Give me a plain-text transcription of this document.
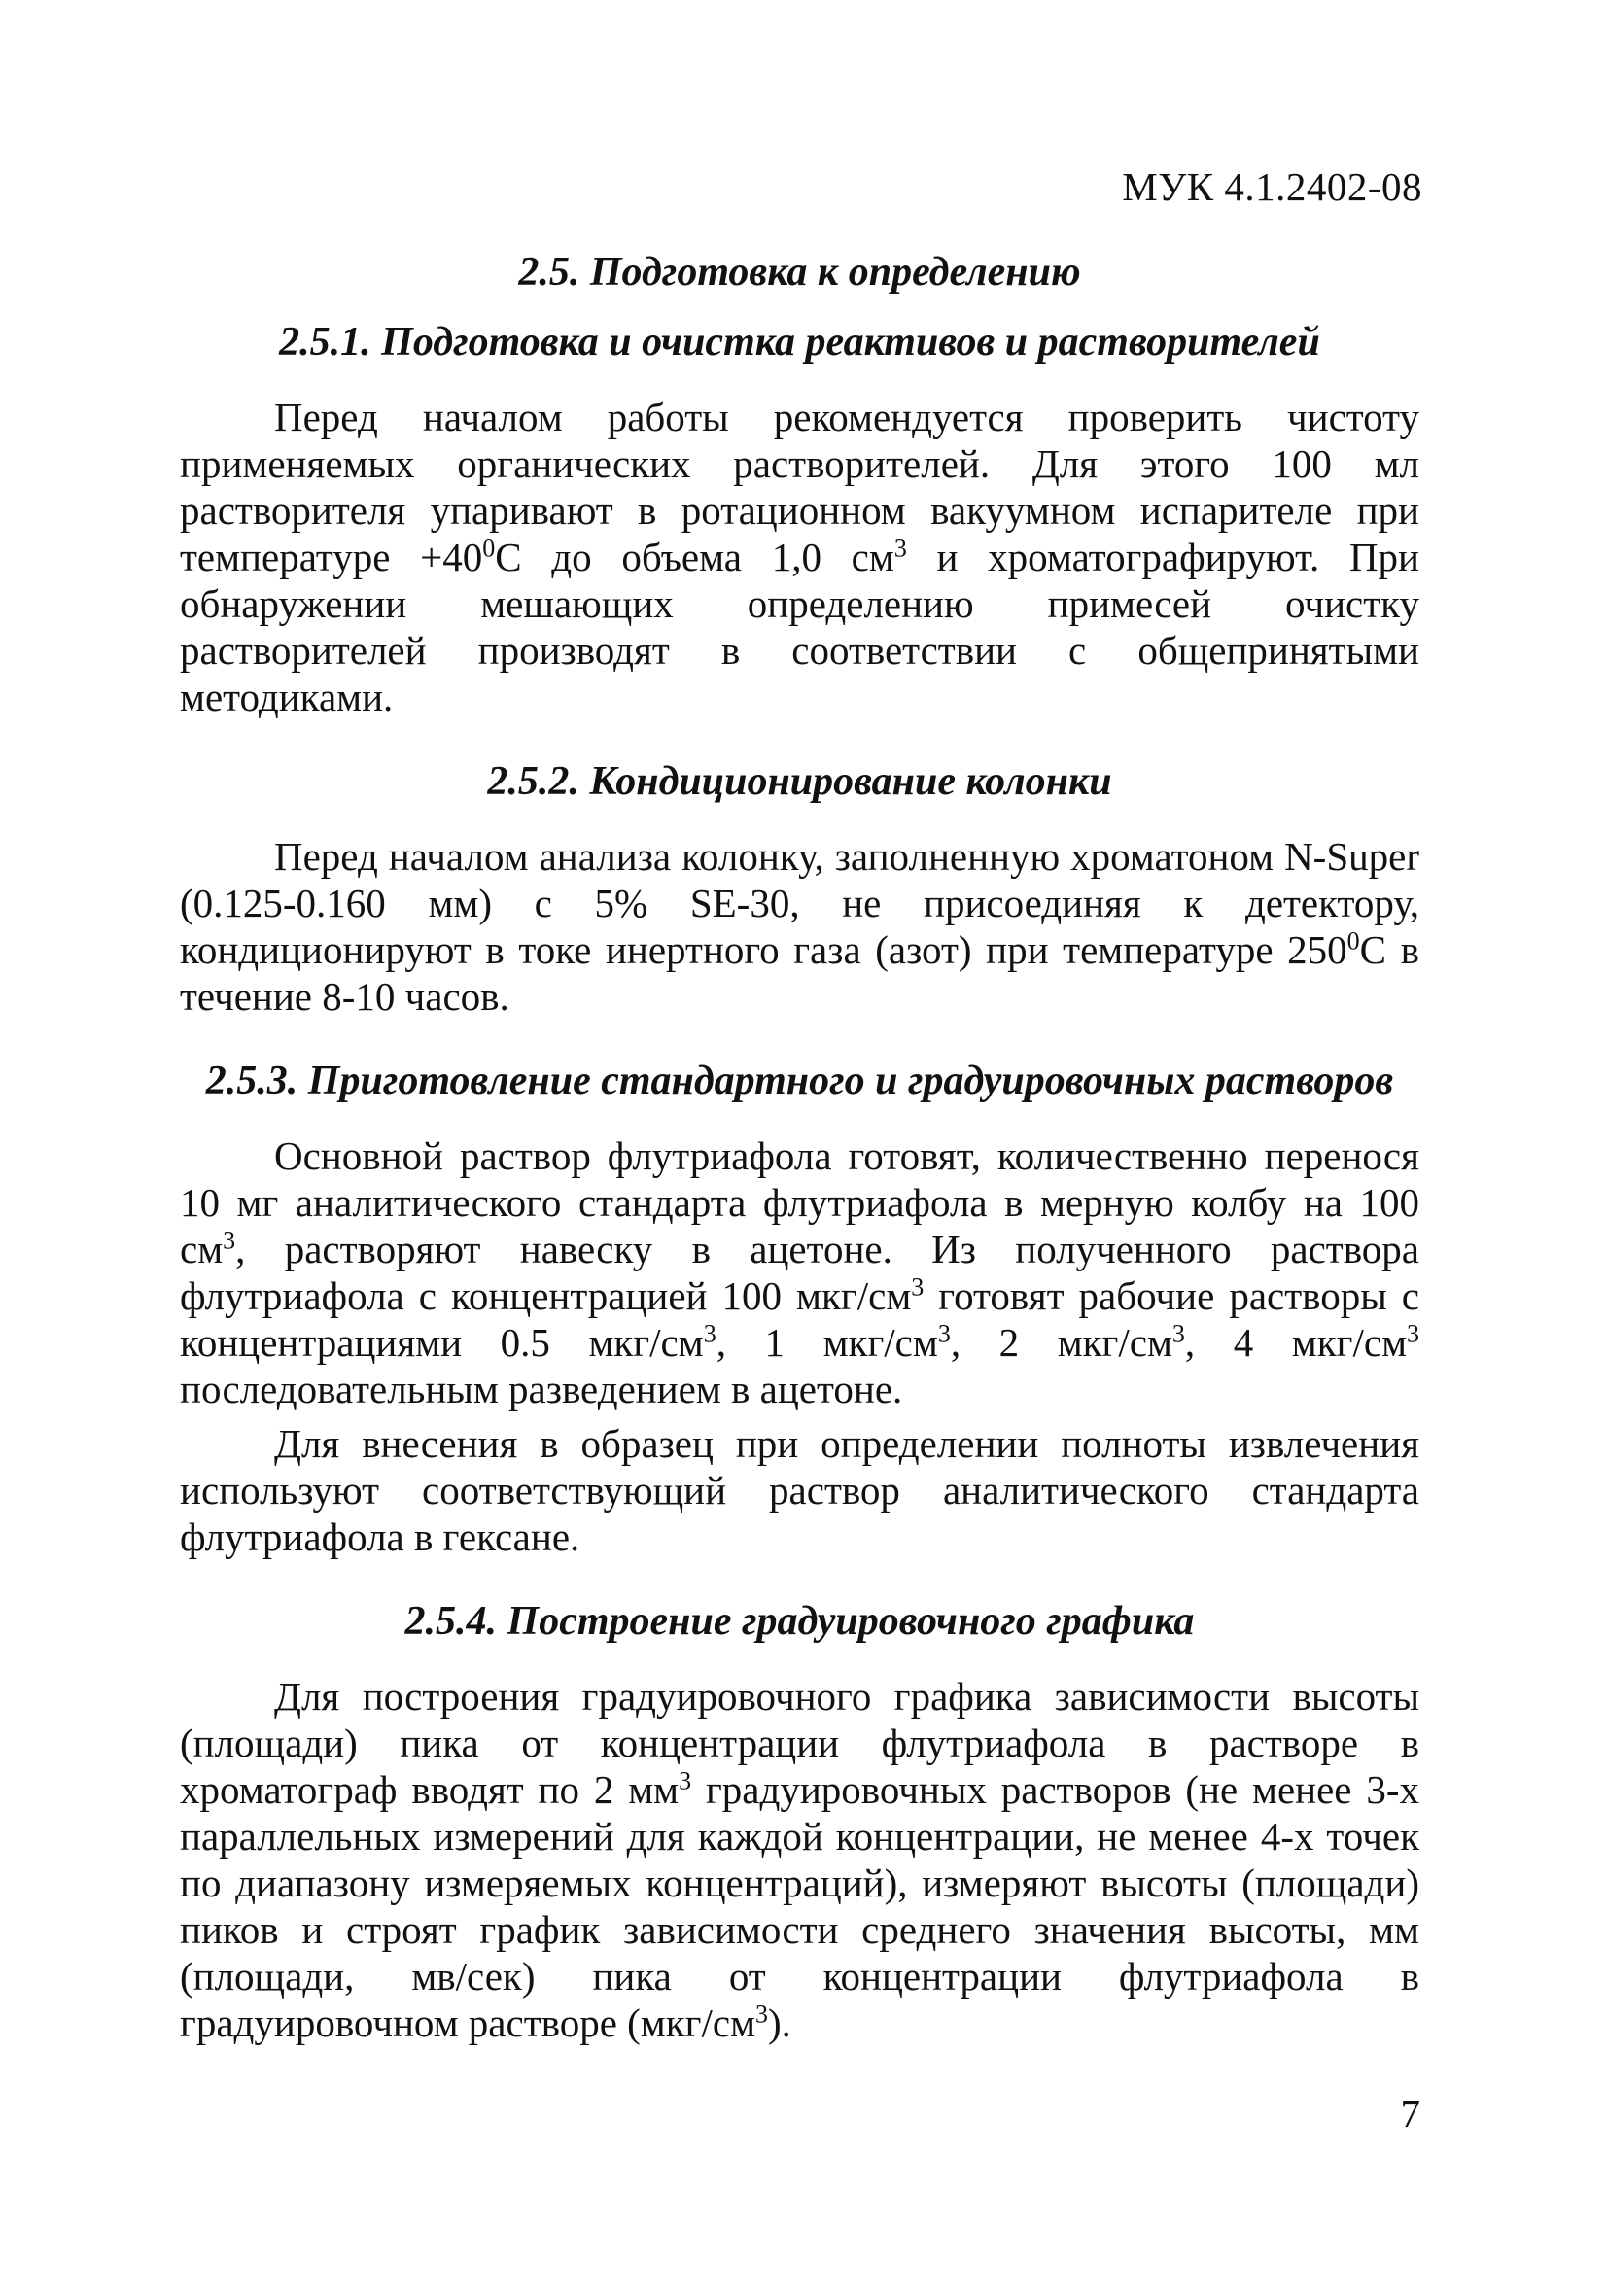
МУК 4.1.2402-08
2.5. Подготовка к определению
2.5.1. Подготовка и очистка реактивов и растворителей

Перед началом работы рекомендуется проверить чистоту применяемых органических растворителей. Для этого 100 мл растворителя упаривают в ротационном вакуумном испарителе при температуре $+40^0С$ до объема 1,0 $см^3$ и хроматографируют. При обнаружении мешающих определению примесей очистку растворителей производят в соответствии с общепринятыми методиками.

2.5.2. Кондиционирование колонки

Перед началом анализа колонку, заполненную хроматоном N-Super (0.125-0.160 мм) с 5% SE-30, не присоединяя к детектору, кондиционируют в токе инертного газа (азот) при температуре $250^0С$ в течение 8-10 часов.

2.5.3. Приготовление стандартного и градуировочных растворов

Основной раствор флутриафола готовят, количественно перенося 10 мг аналитического стандарта флутриафола в мерную колбу на 100 $см^3$, растворяют навеску в ацетоне. Из полученного раствора флутриафола с концентрацией 100 мкг/$см^3$ готовят рабочие растворы с концентрациями 0.5 мкг/$см^3$, 1 мкг/$см^3$, 2 мкг/$см^3$, 4 мкг/$см^3$ последовательным разведением в ацетоне.

Для внесения в образец при определении полноты извлечения используют соответствующий раствор аналитического стандарта флутриафола в гексане.

2.5.4. Построение градуировочного графика

Для построения градуировочного графика зависимости высоты (площади) пика от концентрации флутриафола в растворе в хроматограф вводят по 2 $мм^3$ градуировочных растворов (не менее 3-х параллельных измерений для каждой концентрации, не менее 4-х точек по диапазону измеряемых концентраций), измеряют высоты (площади) пиков и строят график зависимости среднего значения высоты, мм (площади, мв/сек) пика от концентрации флутриафола в градуировочном растворе $(мкг/см^3)$.

7
